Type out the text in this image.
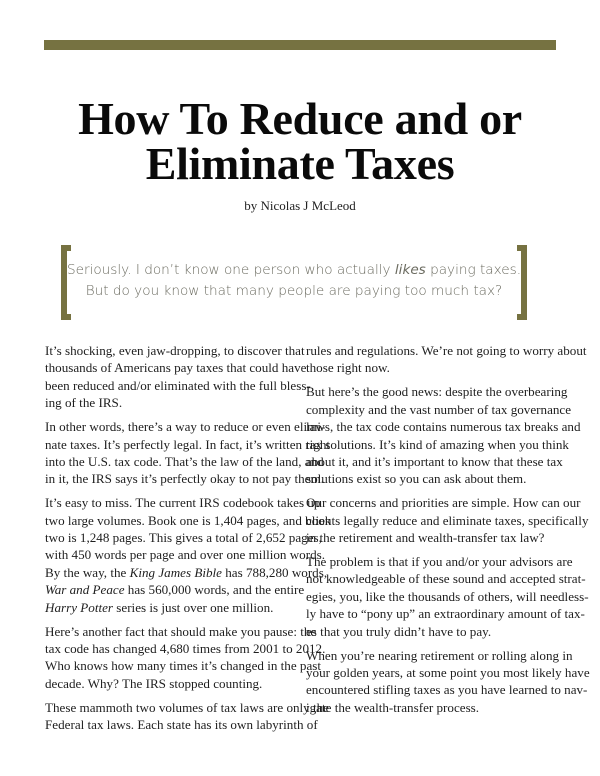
How To Reduce and or
Eliminate Taxes
by Nicolas J McLeod
Seriously. I don’t know one person who actually likes paying taxes.
But do you know that many people are paying too much tax?

It’s shocking, even jaw-dropping, to discover that
thousands of Americans pay taxes that could have
been reduced and/or eliminated with the full bless-
ing of the IRS.

In other words, there’s a way to reduce or even elimi-
nate taxes. It’s perfectly legal. In fact, it’s written right
into the U.S. tax code. That’s the law of the land, and
in it, the IRS says it’s perfectly okay to not pay them.

It’s easy to miss. The current IRS codebook takes up
two large volumes. Book one is 1,404 pages, and book
two is 1,248 pages. This gives a total of 2,652 pages,
with 450 words per page and over one million words.
By the way, the King James Bible has 788,280 words,
War and Peace has 560,000 words, and the entire
Harry Potter series is just over one million.

Here’s another fact that should make you pause: the
tax code has changed 4,680 times from 2001 to 2012.
Who knows how many times it’s changed in the past
decade. Why? The IRS stopped counting.

These mammoth two volumes of tax laws are only the
Federal tax laws. Each state has its own labyrinth of

rules and regulations. We’re not going to worry about
those right now.

But here’s the good news: despite the overbearing
complexity and the vast number of tax governance
laws, the tax code contains numerous tax breaks and
tax solutions. It’s kind of amazing when you think
about it, and it’s important to know that these tax
solutions exist so you can ask about them.

Our concerns and priorities are simple. How can our
clients legally reduce and eliminate taxes, specifically
in the retirement and wealth-transfer tax law?

The problem is that if you and/or your advisors are
not knowledgeable of these sound and accepted strat-
egies, you, like the thousands of others, will needless-
ly have to “pony up” an extraordinary amount of tax-
es that you truly didn’t have to pay.

When you’re nearing retirement or rolling along in
your golden years, at some point you most likely have
encountered stifling taxes as you have learned to nav-
igate the wealth-transfer process.
